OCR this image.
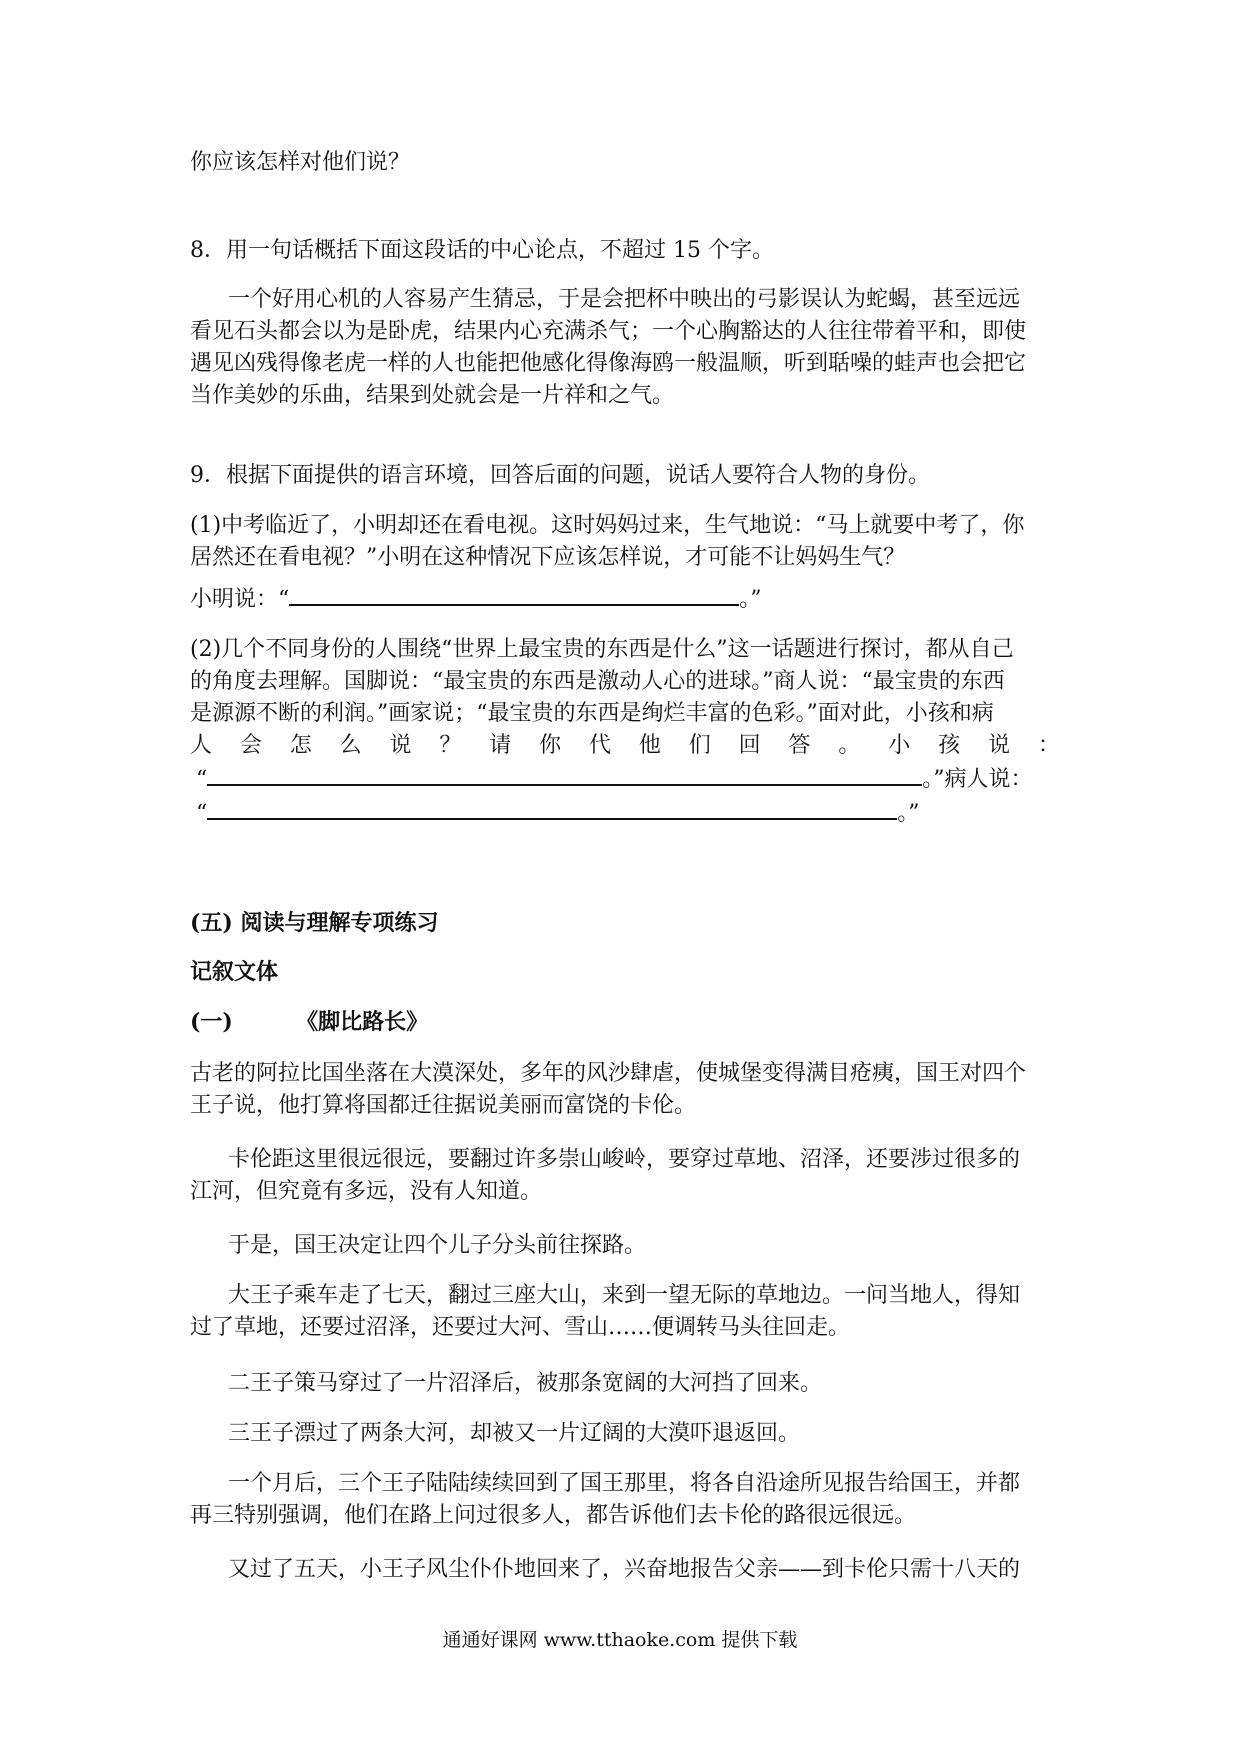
你应该怎样对他们说？

8．用一句话概括下面这段话的中心论点，不超过 15 个字。

一个好用心机的人容易产生猜忌，于是会把杯中映出的弓影误认为蛇蝎，甚至远远
看见石头都会以为是卧虎，结果内心充满杀气；一个心胸豁达的人往往带着平和，即使
遇见凶残得像老虎一样的人也能把他感化得像海鸥一般温顺，听到聒噪的蛙声也会把它
当作美妙的乐曲，结果到处就会是一片祥和之气。

9．根据下面提供的语言环境，回答后面的问题，说话人要符合人物的身份。

(1)中考临近了，小明却还在看电视。这时妈妈过来，生气地说：“马上就要中考了，你
居然还在看电视？”小明在这种情况下应该怎样说，才可能不让妈妈生气？
小明说：“	。”
(2)几个不同身份的人围绕“世界上最宝贵的东西是什么”这一话题进行探讨，都从自己
的角度去理解。国脚说：“最宝贵的东西是激动人心的进球。”商人说：“最宝贵的东西
是源源不断的利润。”画家说；“最宝贵的东西是绚烂丰富的色彩。”面对此，小孩和病
人 会 怎 么 说 ？ 请 你 代 他 们 回 答 。 小 孩 说 ：
“	。”病人说：
“	。”

(五) 阅读与理解专项练习

记叙文体

(一)	《脚比路长》
古老的阿拉比国坐落在大漠深处，多年的风沙肆虐，使城堡变得满目疮痍，国王对四个
王子说，他打算将国都迁往据说美丽而富饶的卡伦。
卡伦距这里很远很远，要翻过许多崇山峻岭，要穿过草地、沼泽，还要涉过很多的
江河，但究竟有多远，没有人知道。
于是，国王决定让四个儿子分头前往探路。
大王子乘车走了七天，翻过三座大山，来到一望无际的草地边。一问当地人，得知
过了草地，还要过沼泽，还要过大河、雪山……便调转马头往回走。
二王子策马穿过了一片沼泽后，被那条宽阔的大河挡了回来。
三王子漂过了两条大河，却被又一片辽阔的大漠吓退返回。
一个月后，三个王子陆陆续续回到了国王那里，将各自沿途所见报告给国王，并都
再三特别强调，他们在路上问过很多人，都告诉他们去卡伦的路很远很远。
又过了五天，小王子风尘仆仆地回来了，兴奋地报告父亲——到卡伦只需十八天的
通通好课网 www.tthaoke.com 提供下载
